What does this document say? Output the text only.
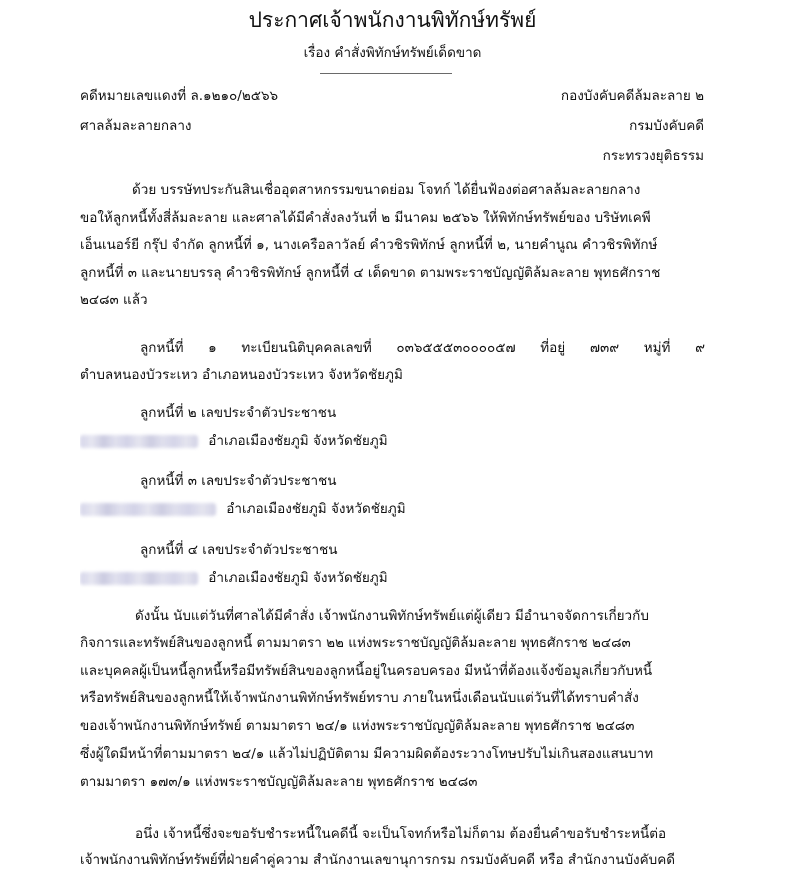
ประกาศเจ้าพนักงานพิทักษ์ทรัพย์
เรื่อง คำสั่งพิทักษ์ทรัพย์เด็ดขาด
คดีหมายเลขแดงที่ ล.๑๒๑๐/๒๕๖๖
ศาลล้มละลายกลาง
กองบังคับคดีล้มละลาย ๒
กรมบังคับคดี
กระทรวงยุติธรรม
ด้วย บรรษัทประกันสินเชื่ออุตสาหกรรมขนาดย่อม โจทก์ ได้ยื่นฟ้องต่อศาลล้มละลายกลาง
ขอให้ลูกหนี้ทั้งสี่ล้มละลาย และศาลได้มีคำสั่งลงวันที่ ๒ มีนาคม ๒๕๖๖ ให้พิทักษ์ทรัพย์ของ บริษัทเคพี
เอ็นเนอร์ยี กรุ๊ป จำกัด ลูกหนี้ที่ ๑, นางเครือลาวัลย์ คำวชิรพิทักษ์ ลูกหนี้ที่ ๒, นายคำนูณ คำวชิรพิทักษ์
ลูกหนี้ที่ ๓ และนายบรรลุ คำวชิรพิทักษ์ ลูกหนี้ที่ ๔ เด็ดขาด ตามพระราชบัญญัติล้มละลาย พุทธศักราช
๒๔๘๓ แล้ว
ลูกหนี้ที่ ๑ ทะเบียนนิติบุคคลเลขที่ ๐๓๖๕๕๕๓๐๐๐๐๕๗ ที่อยู่ ๗๓๙ หมู่ที่ ๙
ตำบลหนองบัวระเหว อำเภอหนองบัวระเหว จังหวัดชัยภูมิ
ลูกหนี้ที่ ๒ เลขประจำตัวประชาชน
อำเภอเมืองชัยภูมิ จังหวัดชัยภูมิ
ลูกหนี้ที่ ๓ เลขประจำตัวประชาชน
อำเภอเมืองชัยภูมิ จังหวัดชัยภูมิ
ลูกหนี้ที่ ๔ เลขประจำตัวประชาชน
อำเภอเมืองชัยภูมิ จังหวัดชัยภูมิ
ดังนั้น นับแต่วันที่ศาลได้มีคำสั่ง เจ้าพนักงานพิทักษ์ทรัพย์แต่ผู้เดียว มีอำนาจจัดการเกี่ยวกับ
กิจการและทรัพย์สินของลูกหนี้ ตามมาตรา ๒๒ แห่งพระราชบัญญัติล้มละลาย พุทธศักราช ๒๔๘๓
และบุคคลผู้เป็นหนี้ลูกหนี้หรือมีทรัพย์สินของลูกหนี้อยู่ในครอบครอง มีหน้าที่ต้องแจ้งข้อมูลเกี่ยวกับหนี้
หรือทรัพย์สินของลูกหนี้ให้เจ้าพนักงานพิทักษ์ทรัพย์ทราบ ภายในหนึ่งเดือนนับแต่วันที่ได้ทราบคำสั่ง
ของเจ้าพนักงานพิทักษ์ทรัพย์ ตามมาตรา ๒๔/๑ แห่งพระราชบัญญัติล้มละลาย พุทธศักราช ๒๔๘๓
ซึ่งผู้ใดมีหน้าที่ตามมาตรา ๒๔/๑ แล้วไม่ปฏิบัติตาม มีความผิดต้องระวางโทษปรับไม่เกินสองแสนบาท
ตามมาตรา ๑๗๓/๑ แห่งพระราชบัญญัติล้มละลาย พุทธศักราช ๒๔๘๓
อนึ่ง เจ้าหนี้ซึ่งจะขอรับชำระหนี้ในคดีนี้ จะเป็นโจทก์หรือไม่ก็ตาม ต้องยื่นคำขอรับชำระหนี้ต่อ
เจ้าพนักงานพิทักษ์ทรัพย์ที่ฝ่ายคำคู่ความ สำนักงานเลขานุการกรม กรมบังคับคดี หรือ สำนักงานบังคับคดี
